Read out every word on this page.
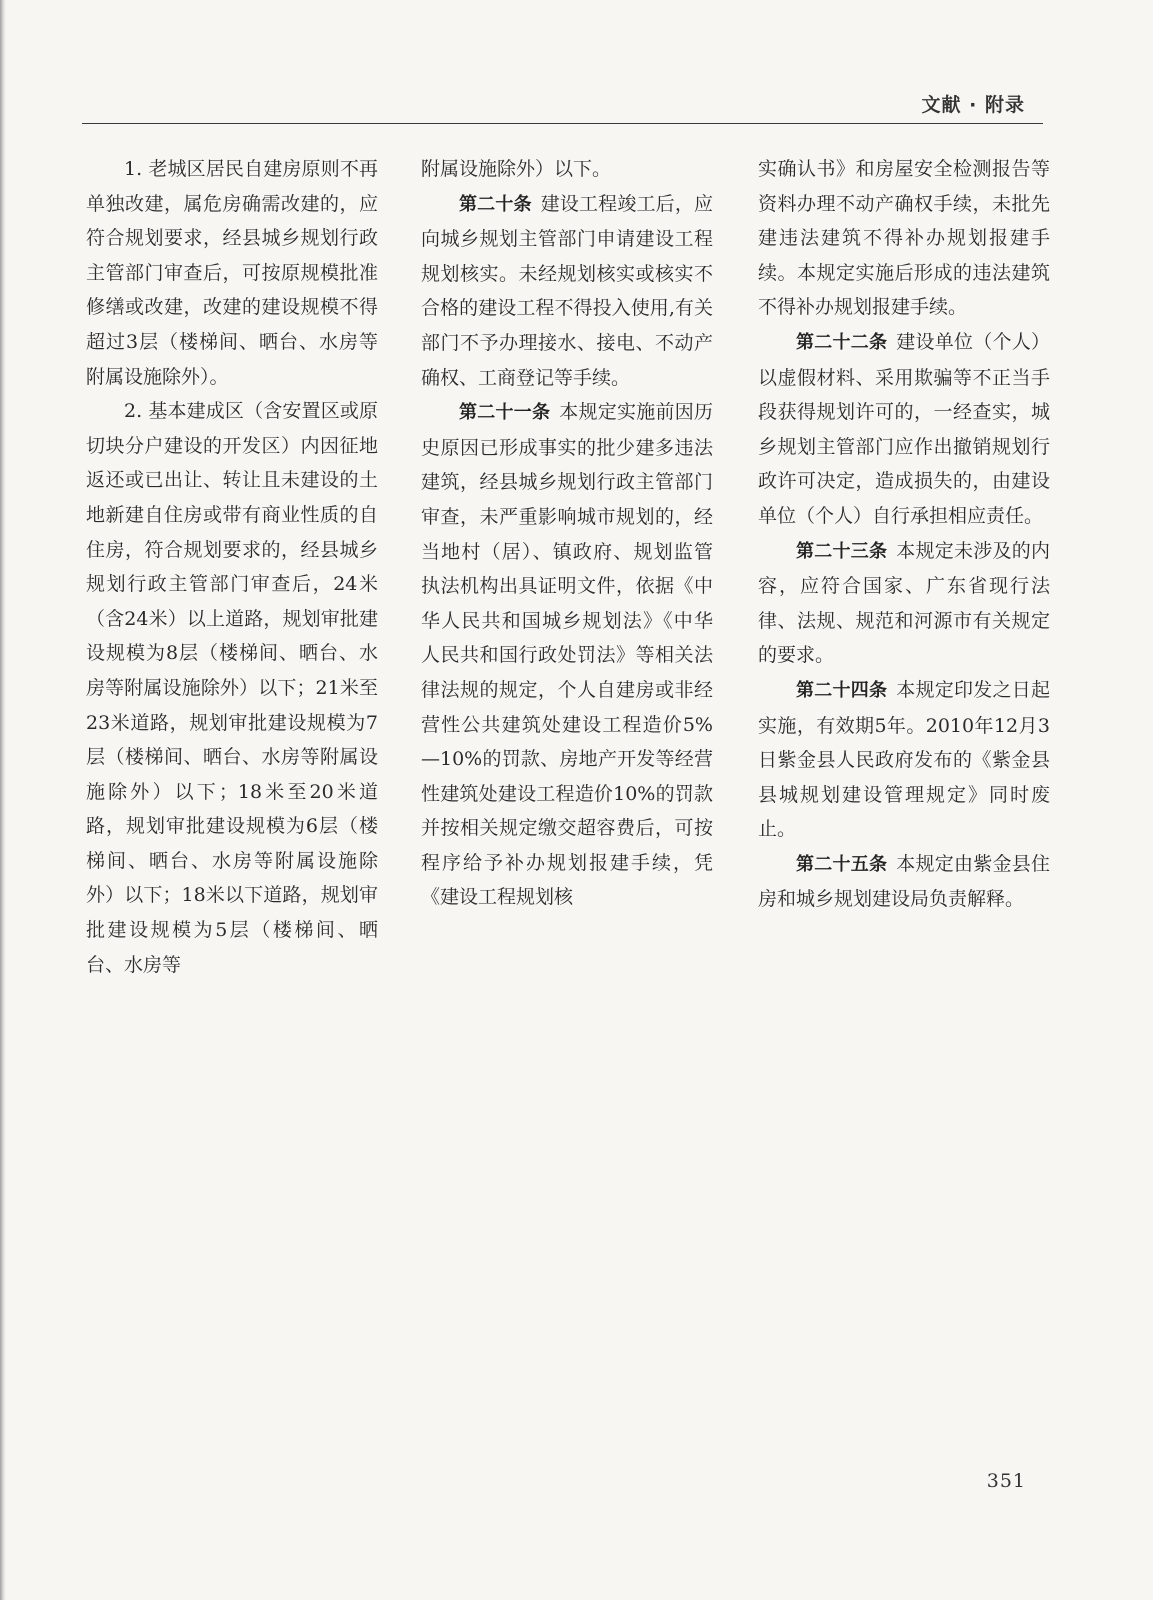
文献 · 附录

1. 老城区居民自建房原则不再单独改建，属危房确需改建的，应符合规划要求，经县城乡规划行政主管部门审查后，可按原规模批准修缮或改建，改建的建设规模不得超过3层（楼梯间、晒台、水房等附属设施除外）。

2. 基本建成区（含安置区或原切块分户建设的开发区）内因征地返还或已出让、转让且未建设的土地新建自住房或带有商业性质的自住房，符合规划要求的，经县城乡规划行政主管部门审查后，24米（含24米）以上道路，规划审批建设规模为8层（楼梯间、晒台、水房等附属设施除外）以下；21米至23米道路，规划审批建设规模为7层（楼梯间、晒台、水房等附属设施除外）以下；18米至20米道路，规划审批建设规模为6层（楼梯间、晒台、水房等附属设施除外）以下；18米以下道路，规划审批建设规模为5层（楼梯间、晒台、水房等

附属设施除外）以下。

第二十条 建设工程竣工后，应向城乡规划主管部门申请建设工程规划核实。未经规划核实或核实不合格的建设工程不得投入使用,有关部门不予办理接水、接电、不动产确权、工商登记等手续。

第二十一条 本规定实施前因历史原因已形成事实的批少建多违法建筑，经县城乡规划行政主管部门审查，未严重影响城市规划的，经当地村（居）、镇政府、规划监管执法机构出具证明文件，依据《中华人民共和国城乡规划法》《中华人民共和国行政处罚法》等相关法律法规的规定，个人自建房或非经营性公共建筑处建设工程造价5%—10%的罚款、房地产开发等经营性建筑处建设工程造价10%的罚款并按相关规定缴交超容费后，可按程序给予补办规划报建手续，凭《建设工程规划核

实确认书》和房屋安全检测报告等资料办理不动产确权手续，未批先建违法建筑不得补办规划报建手续。本规定实施后形成的违法建筑不得补办规划报建手续。

第二十二条 建设单位（个人）以虚假材料、采用欺骗等不正当手段获得规划许可的，一经查实，城乡规划主管部门应作出撤销规划行政许可决定，造成损失的，由建设单位（个人）自行承担相应责任。

第二十三条 本规定未涉及的内容，应符合国家、广东省现行法律、法规、规范和河源市有关规定的要求。

第二十四条 本规定印发之日起实施，有效期5年。2010年12月3日紫金县人民政府发布的《紫金县县城规划建设管理规定》同时废止。

第二十五条 本规定由紫金县住房和城乡规划建设局负责解释。

351
